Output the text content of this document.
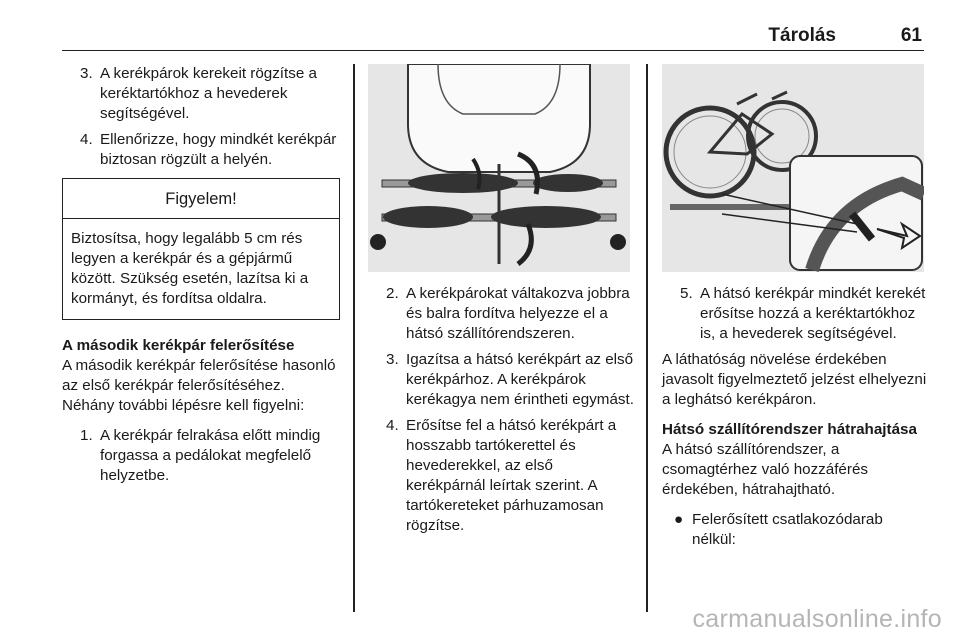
Tárolás	61
3. A kerékpárok kerekeit rögzítse a keréktartókhoz a hevederek segítségével.
4. Ellenőrizze, hogy mindkét kerékpár biztosan rögzült a helyén.
Figyelem!
Biztosítsa, hogy legalább 5 cm rés legyen a kerékpár és a gépjármű között. Szükség esetén, lazítsa ki a kormányt, és fordítsa oldalra.
A második kerékpár felerősítése

A második kerékpár felerősítése hasonló az első kerékpár felerősítéséhez. Néhány további lépésre kell figyelni:

1. A kerékpár felrakása előtt mindig forgassa a pedálokat megfelelő helyzetbe.
2. A kerékpárokat váltakozva jobbra és balra fordítva helyezze el a hátsó szállítórendszeren.
3. Igazítsa a hátsó kerékpárt az első kerékpárhoz. A kerékpárok kerékagya nem érintheti egymást.
4. Erősítse fel a hátsó kerékpárt a hosszabb tartókerettel és hevederekkel, az első kerékpárnál leírtak szerint. A tartókereteket párhuzamosan rögzítse.
5. A hátsó kerékpár mindkét kerekét erősítse hozzá a keréktartókhoz is, a hevederek segítségével.

A láthatóság növelése érdekében javasolt figyelmeztető jelzést elhelyezni a leghátsó kerékpáron.

Hátsó szállítórendszer hátrahajtása

A hátsó szállítórendszer, a csomagtérhez való hozzáférés érdekében, hátrahajtható.

● Felerősített csatlakozódarab nélkül:
carmanualsonline.info
